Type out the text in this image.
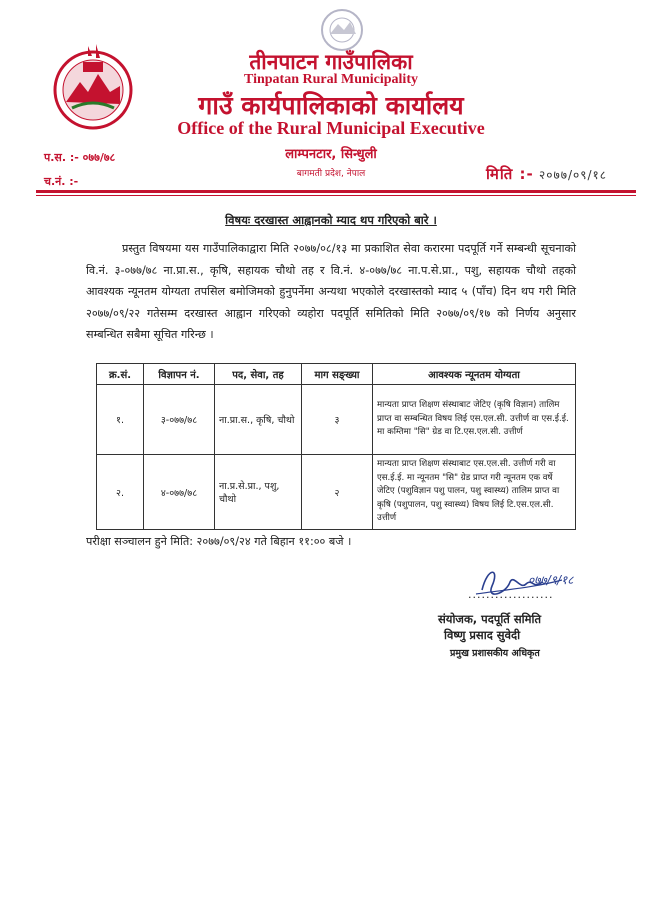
तीनपाटन गाउँपालिका
Tinpatan Rural Municipality
गाउँ कार्यपालिकाको कार्यालय
Office of the Rural Municipal Executive
लाम्पनटार, सिन्धुली
बागमती प्रदेश, नेपाल
प.स. :- ०७७/७८
च.नं. :-	मिति :- २०७७/०९/१८
विषयः दरखास्त आह्वानको म्याद थप गरिएको बारे ।
प्रस्तुत विषयमा यस गाउँपालिकाद्वारा मिति २०७७/०८/१३ मा प्रकाशित सेवा करारमा पदपूर्ति गर्ने सम्बन्धी सूचनाको वि.नं. ३-०७७/७८ ना.प्रा.स., कृषि, सहायक चौथो तह र वि.नं. ४-०७७/७८ ना.प.से.प्रा., पशु, सहायक चौथो तहको आवश्यक न्यूनतम योग्यता तपसिल बमोजिमको हुनुपर्नेमा अन्यथा भएकोले दरखास्तको म्याद ५ (पाँच) दिन थप गरी मिति २०७७/०९/२२ गतेसम्म दरखास्त आह्वान गरिएको व्यहोरा पदपूर्ति समितिको मिति २०७७/०९/१७ को निर्णय अनुसार सम्बन्धित सबैमा सूचित गरिन्छ ।
क्र.सं.	विज्ञापन नं.	पद, सेवा, तह	माग सङ्ख्या	आवश्यक न्यूनतम योग्यता
१.	३-०७७/७८	ना.प्रा.स., कृषि, चौथो	३	मान्यता प्राप्त शिक्षण संस्थाबाट जेटिए (कृषि विज्ञान) तालिम प्राप्त वा सम्बन्धित विषय लिई एस.एल.सी. उत्तीर्ण वा एस.ई.ई. मा कम्तिमा "सि" ग्रेड वा टि.एस.एल.सी. उत्तीर्ण
२.	४-०७७/७८	ना.प्र.से.प्रा., पशु, चौथो	२	मान्यता प्राप्त शिक्षण संस्थाबाट एस.एल.सी. उत्तीर्ण गरी वा एस.ई.ई. मा न्यूनतम "सि" ग्रेड प्राप्त गरी न्यूनतम एक वर्षे जेटिए (पशुविज्ञान पशु पालन, पशु स्वास्थ्य) तालिम प्राप्त वा कृषि (पशुपालन, पशु स्वास्थ्य) विषय लिई टि.एस.एल.सी. उत्तीर्ण
परीक्षा सञ्चालन हुने मिति: २०७७/०९/२४ गते बिहान ११:०० बजे ।
०७७/९/१८
...................
संयोजक, पदपूर्ति समिति
विष्णु प्रसाद सुवेदी
प्रमुख प्रशासकीय अधिकृत
